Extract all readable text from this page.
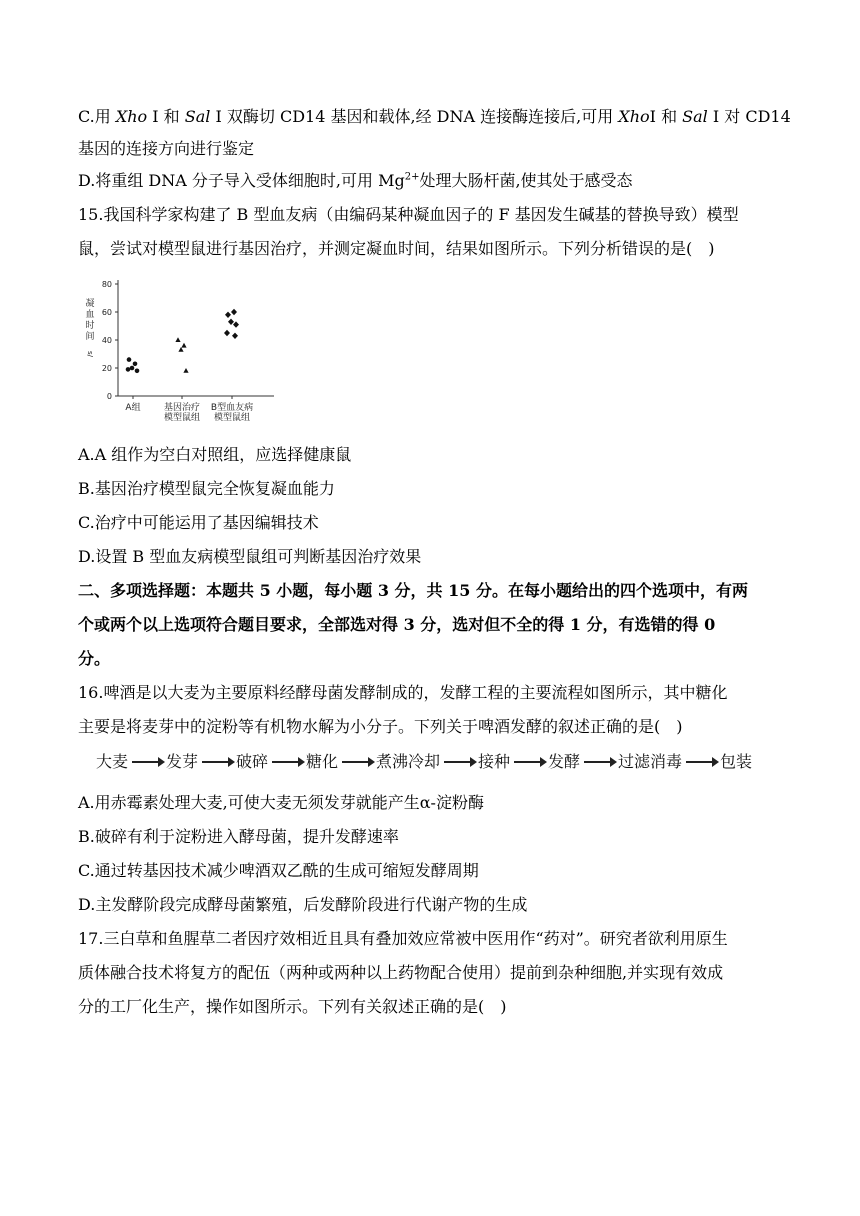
C.用 Xho I 和 Sal I 双酶切 CD14 基因和载体,经 DNA 连接酶连接后,可用 XhoI 和 Sal I 对 CD14
基因的连接方向进行鉴定
D.将重组 DNA 分子导入受体细胞时,可用 $Mg^{2+}$处理大肠杆菌,使其处于感受态
15.我国科学家构建了 B 型血友病（由编码某种凝血因子的 F 基因发生碱基的替换导致）模型
鼠，尝试对模型鼠进行基因治疗，并测定凝血时间，结果如图所示。下列分析错误的是(　)
0
20
40
60
80
凝
血
时
间
s/
A组	基因治疗
模型鼠组
B型血友病
模型鼠组
A.A 组作为空白对照组，应选择健康鼠
B.基因治疗模型鼠完全恢复凝血能力
C.治疗中可能运用了基因编辑技术
D.设置 B 型血友病模型鼠组可判断基因治疗效果
二、多项选择题：本题共 5 小题，每小题 3 分，共 15 分。在每小题给出的四个选项中，有两
个或两个以上选项符合题目要求，全部选对得 3 分，选对但不全的得 1 分，有选错的得 0
分。
16.啤酒是以大麦为主要原料经酵母菌发酵制成的，发酵工程的主要流程如图所示，其中糖化
主要是将麦芽中的淀粉等有机物水解为小分子。下列关于啤酒发酵的叙述正确的是(　)
大麦 发芽 破碎 糖化 煮沸冷却 接种 发酵 过滤消毒 包装
A.用赤霉素处理大麦,可使大麦无须发芽就能产生α-淀粉酶
B.破碎有利于淀粉进入酵母菌，提升发酵速率
C.通过转基因技术减少啤酒双乙酰的生成可缩短发酵周期
D.主发酵阶段完成酵母菌繁殖，后发酵阶段进行代谢产物的生成
17.三白草和鱼腥草二者因疗效相近且具有叠加效应常被中医用作“药对”。研究者欲利用原生
质体融合技术将复方的配伍（两种或两种以上药物配合使用）提前到杂种细胞,并实现有效成
分的工厂化生产，操作如图所示。下列有关叙述正确的是(　)
